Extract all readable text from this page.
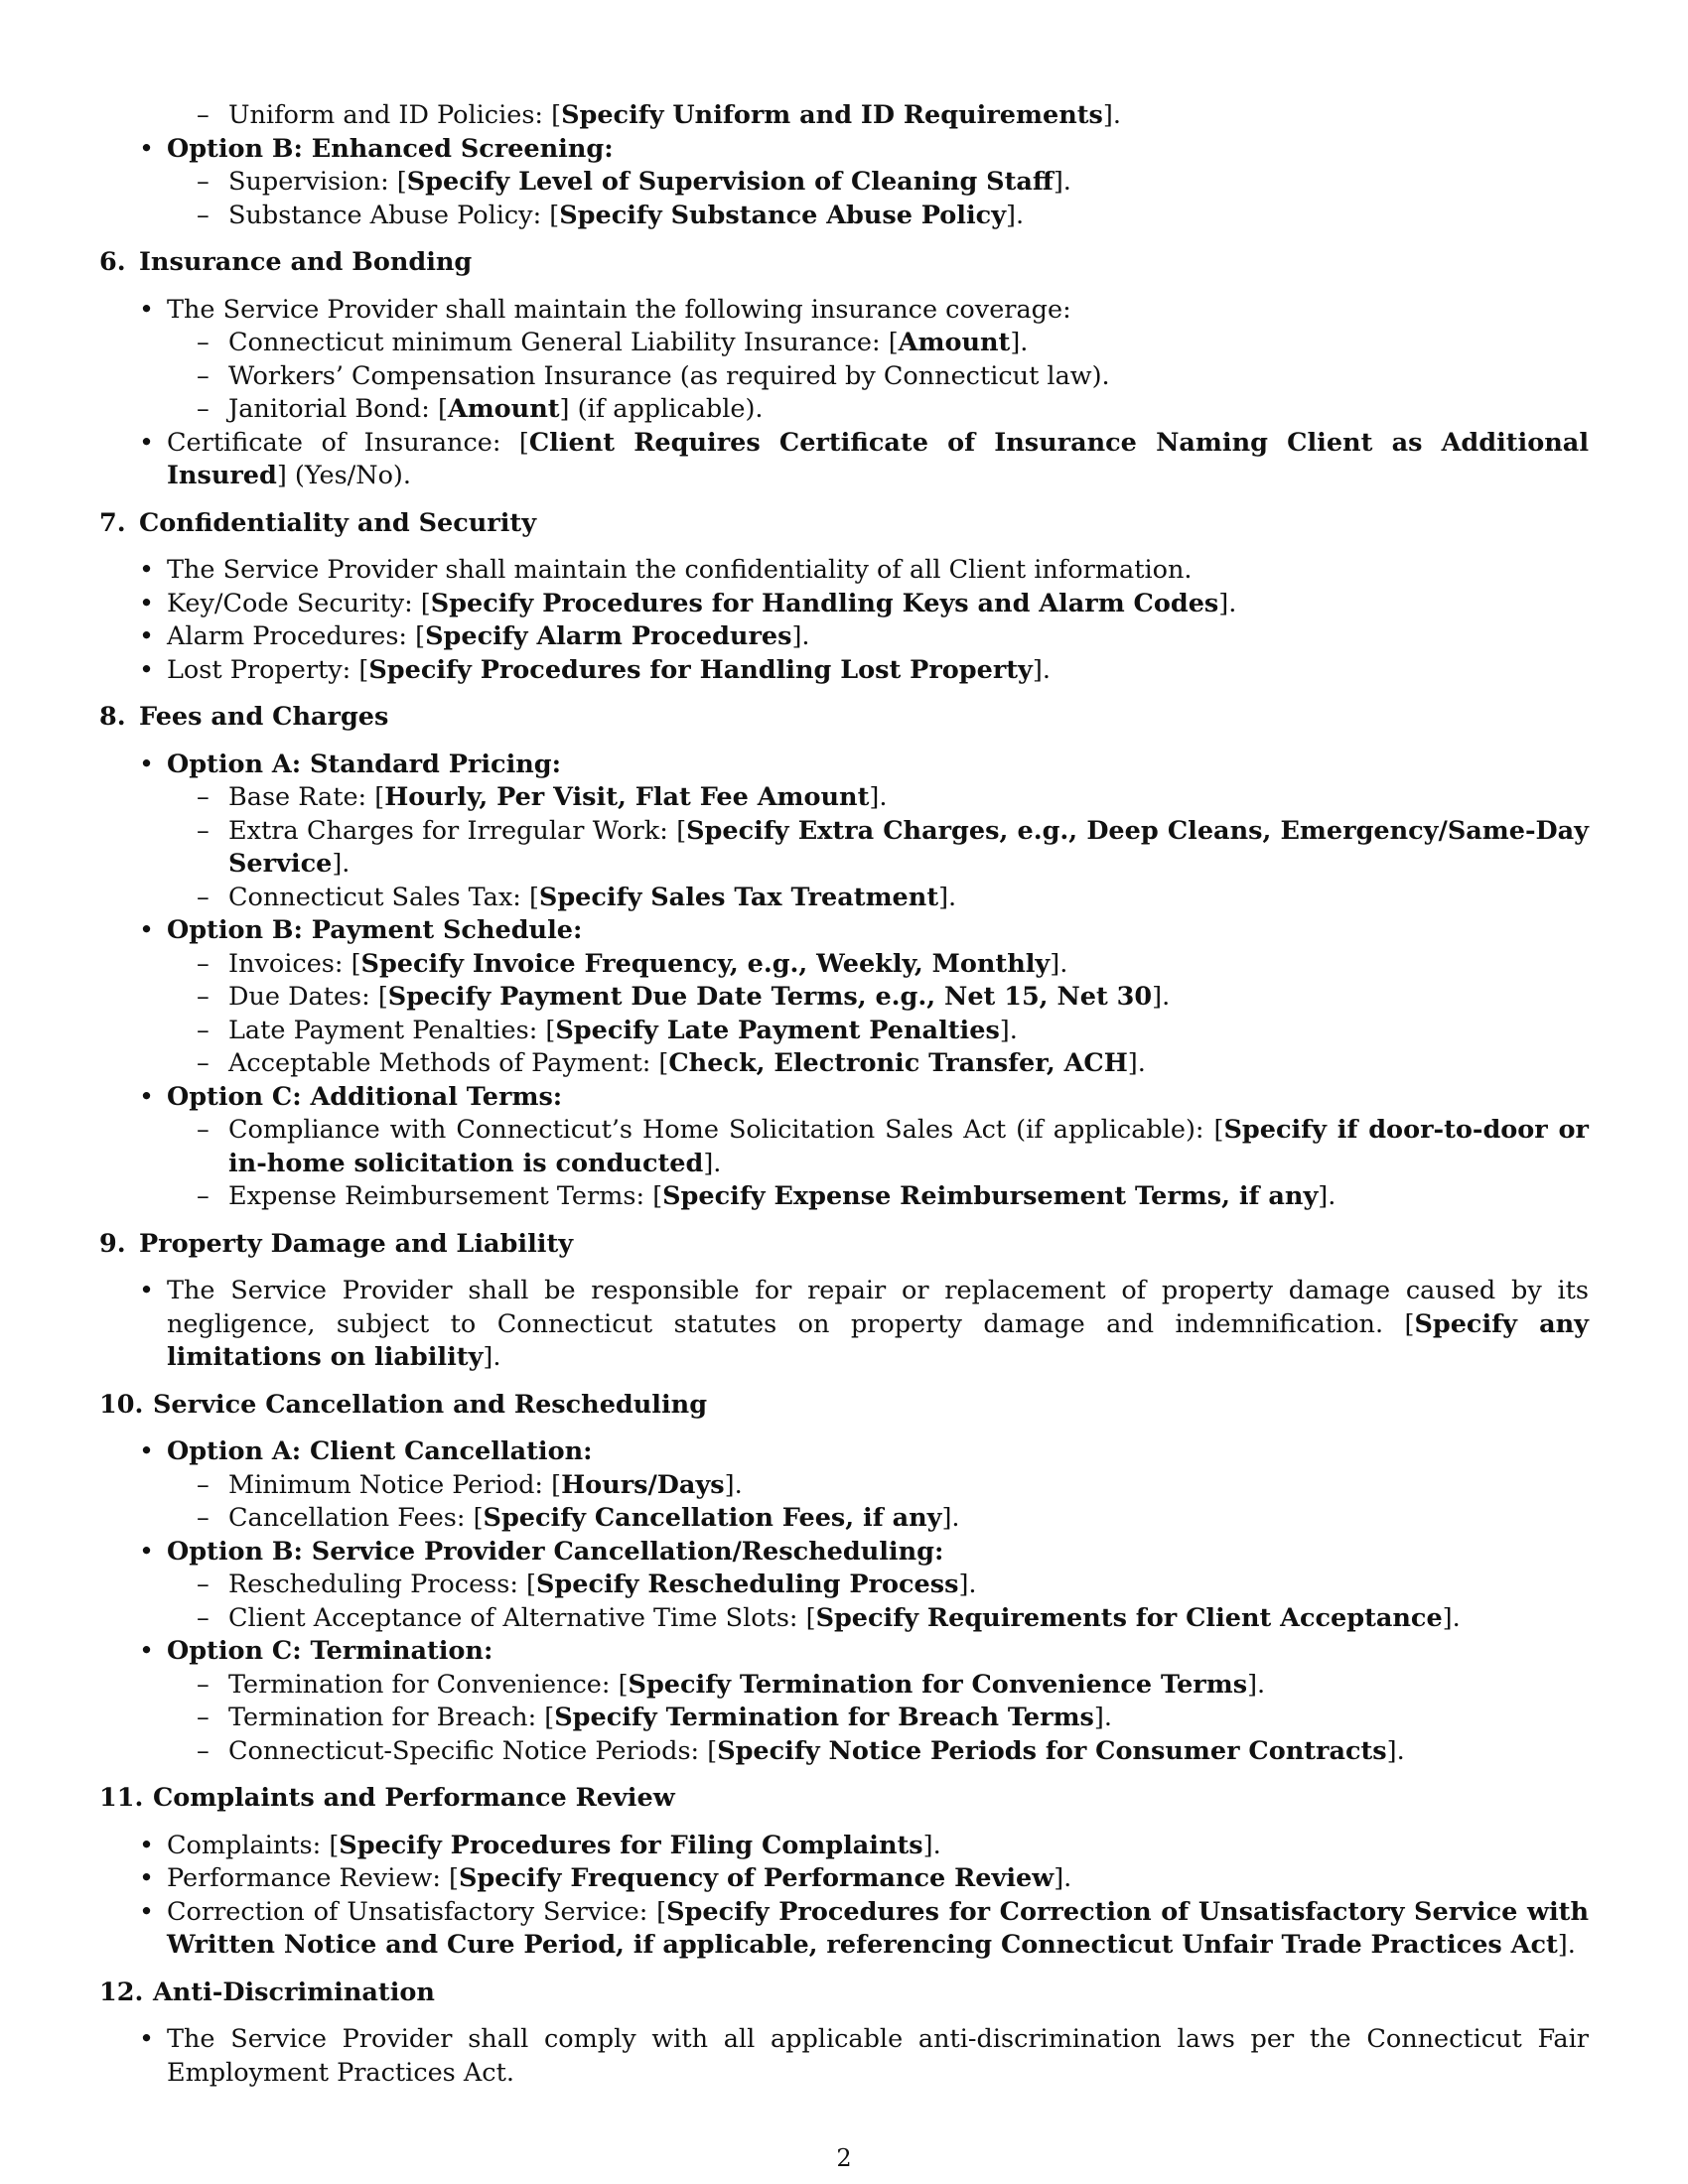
– Uniform and ID Policies: [Specify Uniform and ID Requirements].
• Option B: Enhanced Screening:
– Supervision: [Specify Level of Supervision of Cleaning Staff].
– Substance Abuse Policy: [Specify Substance Abuse Policy].
6. Insurance and Bonding
• The Service Provider shall maintain the following insurance coverage:
– Connecticut minimum General Liability Insurance: [Amount].
– Workers’ Compensation Insurance (as required by Connecticut law).
– Janitorial Bond: [Amount] (if applicable).
• Certificate of Insurance: [Client Requires Certificate of Insurance Naming Client as Additional Insured] (Yes/No).
7. Confidentiality and Security
• The Service Provider shall maintain the confidentiality of all Client information.
• Key/Code Security: [Specify Procedures for Handling Keys and Alarm Codes].
• Alarm Procedures: [Specify Alarm Procedures].
• Lost Property: [Specify Procedures for Handling Lost Property].
8. Fees and Charges
• Option A: Standard Pricing:
– Base Rate: [Hourly, Per Visit, Flat Fee Amount].
– Extra Charges for Irregular Work: [Specify Extra Charges, e.g., Deep Cleans, Emergency/Same-Day Service].
– Connecticut Sales Tax: [Specify Sales Tax Treatment].
• Option B: Payment Schedule:
– Invoices: [Specify Invoice Frequency, e.g., Weekly, Monthly].
– Due Dates: [Specify Payment Due Date Terms, e.g., Net 15, Net 30].
– Late Payment Penalties: [Specify Late Payment Penalties].
– Acceptable Methods of Payment: [Check, Electronic Transfer, ACH].
• Option C: Additional Terms:
– Compliance with Connecticut’s Home Solicitation Sales Act (if applicable): [Specify if door-to-door or in-home solicitation is conducted].
– Expense Reimbursement Terms: [Specify Expense Reimbursement Terms, if any].
9. Property Damage and Liability
• The Service Provider shall be responsible for repair or replacement of property damage caused by its negligence, subject to Connecticut statutes on property damage and indemnification. [Specify any limitations on liability].
10. Service Cancellation and Rescheduling
• Option A: Client Cancellation:
– Minimum Notice Period: [Hours/Days].
– Cancellation Fees: [Specify Cancellation Fees, if any].
• Option B: Service Provider Cancellation/Rescheduling:
– Rescheduling Process: [Specify Rescheduling Process].
– Client Acceptance of Alternative Time Slots: [Specify Requirements for Client Acceptance].
• Option C: Termination:
– Termination for Convenience: [Specify Termination for Convenience Terms].
– Termination for Breach: [Specify Termination for Breach Terms].
– Connecticut-Specific Notice Periods: [Specify Notice Periods for Consumer Contracts].
11. Complaints and Performance Review
• Complaints: [Specify Procedures for Filing Complaints].
• Performance Review: [Specify Frequency of Performance Review].
• Correction of Unsatisfactory Service: [Specify Procedures for Correction of Unsatisfactory Service with Written Notice and Cure Period, if applicable, referencing Connecticut Unfair Trade Practices Act].
12. Anti-Discrimination
• The Service Provider shall comply with all applicable anti-discrimination laws per the Connecticut Fair Employment Practices Act.
2
